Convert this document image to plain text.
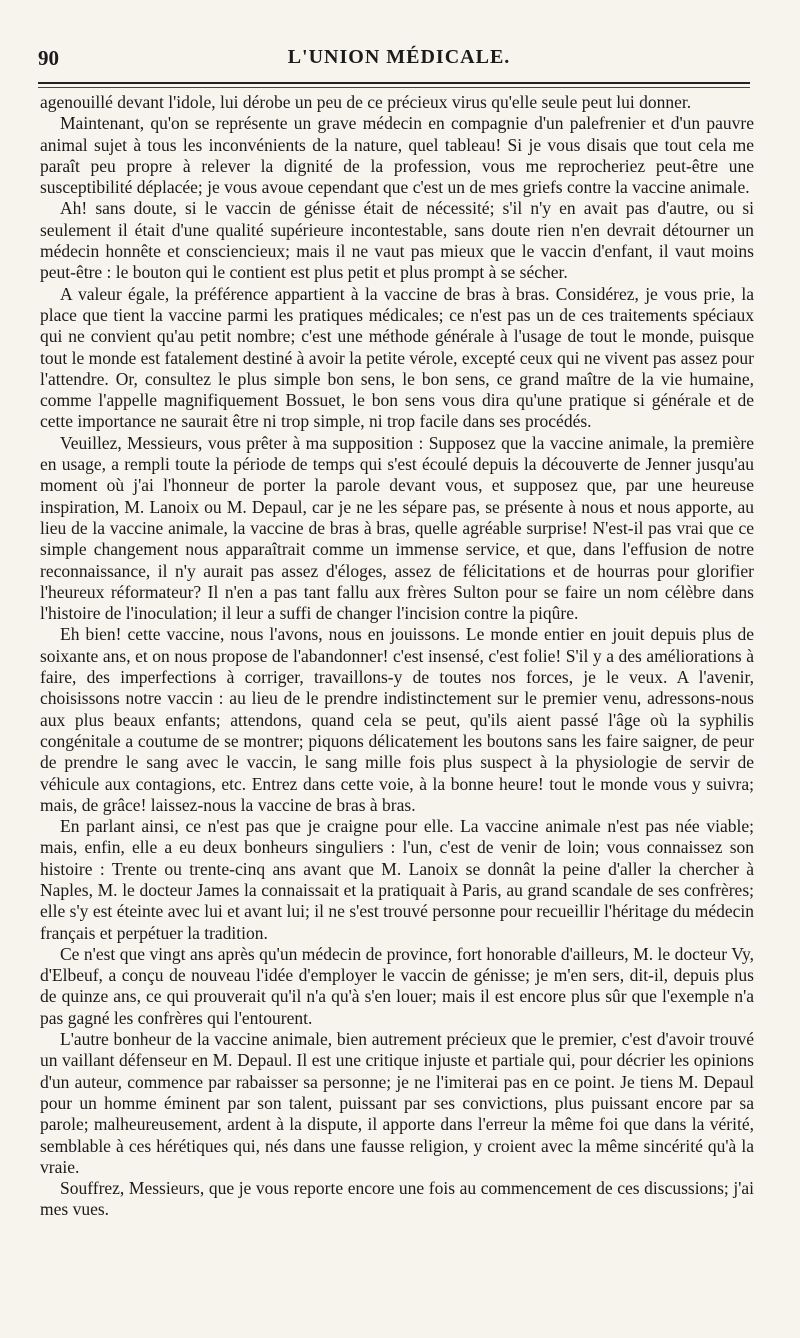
90	L'UNION MÉDICALE.

agenouillé devant l'idole, lui dérobe un peu de ce précieux virus qu'elle seule peut lui donner.

Maintenant, qu'on se représente un grave médecin en compagnie d'un palefrenier et d'un pauvre animal sujet à tous les inconvénients de la nature, quel tableau! Si je vous disais que tout cela me paraît peu propre à relever la dignité de la profession, vous me reprocheriez peut-être une susceptibilité déplacée; je vous avoue cependant que c'est un de mes griefs contre la vaccine animale.

Ah! sans doute, si le vaccin de génisse était de nécessité; s'il n'y en avait pas d'autre, ou si seulement il était d'une qualité supérieure incontestable, sans doute rien n'en devrait détourner un médecin honnête et consciencieux; mais il ne vaut pas mieux que le vaccin d'enfant, il vaut moins peut-être : le bouton qui le contient est plus petit et plus prompt à se sécher.

A valeur égale, la préférence appartient à la vaccine de bras à bras. Considérez, je vous prie, la place que tient la vaccine parmi les pratiques médicales; ce n'est pas un de ces traitements spéciaux qui ne convient qu'au petit nombre; c'est une méthode générale à l'usage de tout le monde, puisque tout le monde est fatalement destiné à avoir la petite vérole, excepté ceux qui ne vivent pas assez pour l'attendre. Or, consultez le plus simple bon sens, le bon sens, ce grand maître de la vie humaine, comme l'appelle magnifiquement Bossuet, le bon sens vous dira qu'une pratique si générale et de cette importance ne saurait être ni trop simple, ni trop facile dans ses procédés.

Veuillez, Messieurs, vous prêter à ma supposition : Supposez que la vaccine animale, la première en usage, a rempli toute la période de temps qui s'est écoulé depuis la découverte de Jenner jusqu'au moment où j'ai l'honneur de porter la parole devant vous, et supposez que, par une heureuse inspiration, M. Lanoix ou M. Depaul, car je ne les sépare pas, se présente à nous et nous apporte, au lieu de la vaccine animale, la vaccine de bras à bras, quelle agréable surprise! N'est-il pas vrai que ce simple changement nous apparaîtrait comme un immense service, et que, dans l'effusion de notre reconnaissance, il n'y aurait pas assez d'éloges, assez de félicitations et de hourras pour glorifier l'heureux réformateur? Il n'en a pas tant fallu aux frères Sulton pour se faire un nom célèbre dans l'histoire de l'inoculation; il leur a suffi de changer l'incision contre la piqûre.

Eh bien! cette vaccine, nous l'avons, nous en jouissons. Le monde entier en jouit depuis plus de soixante ans, et on nous propose de l'abandonner! c'est insensé, c'est folie! S'il y a des améliorations à faire, des imperfections à corriger, travaillons-y de toutes nos forces, je le veux. A l'avenir, choisissons notre vaccin : au lieu de le prendre indistinctement sur le premier venu, adressons-nous aux plus beaux enfants; attendons, quand cela se peut, qu'ils aient passé l'âge où la syphilis congénitale a coutume de se montrer; piquons délicatement les boutons sans les faire saigner, de peur de prendre le sang avec le vaccin, le sang mille fois plus suspect à la physiologie de servir de véhicule aux contagions, etc. Entrez dans cette voie, à la bonne heure! tout le monde vous y suivra; mais, de grâce! laissez-nous la vaccine de bras à bras.

En parlant ainsi, ce n'est pas que je craigne pour elle. La vaccine animale n'est pas née viable; mais, enfin, elle a eu deux bonheurs singuliers : l'un, c'est de venir de loin; vous connaissez son histoire : Trente ou trente-cinq ans avant que M. Lanoix se donnât la peine d'aller la chercher à Naples, M. le docteur James la connaissait et la pratiquait à Paris, au grand scandale de ses confrères; elle s'y est éteinte avec lui et avant lui; il ne s'est trouvé personne pour recueillir l'héritage du médecin français et perpétuer la tradition.

Ce n'est que vingt ans après qu'un médecin de province, fort honorable d'ailleurs, M. le docteur Vy, d'Elbeuf, a conçu de nouveau l'idée d'employer le vaccin de génisse; je m'en sers, dit-il, depuis plus de quinze ans, ce qui prouverait qu'il n'a qu'à s'en louer; mais il est encore plus sûr que l'exemple n'a pas gagné les confrères qui l'entourent.

L'autre bonheur de la vaccine animale, bien autrement précieux que le premier, c'est d'avoir trouvé un vaillant défenseur en M. Depaul. Il est une critique injuste et partiale qui, pour décrier les opinions d'un auteur, commence par rabaisser sa personne; je ne l'imiterai pas en ce point. Je tiens M. Depaul pour un homme éminent par son talent, puissant par ses convictions, plus puissant encore par sa parole; malheureusement, ardent à la dispute, il apporte dans l'erreur la même foi que dans la vérité, semblable à ces hérétiques qui, nés dans une fausse religion, y croient avec la même sincérité qu'à la vraie.

Souffrez, Messieurs, que je vous reporte encore une fois au commencement de ces discussions; j'ai mes vues.
